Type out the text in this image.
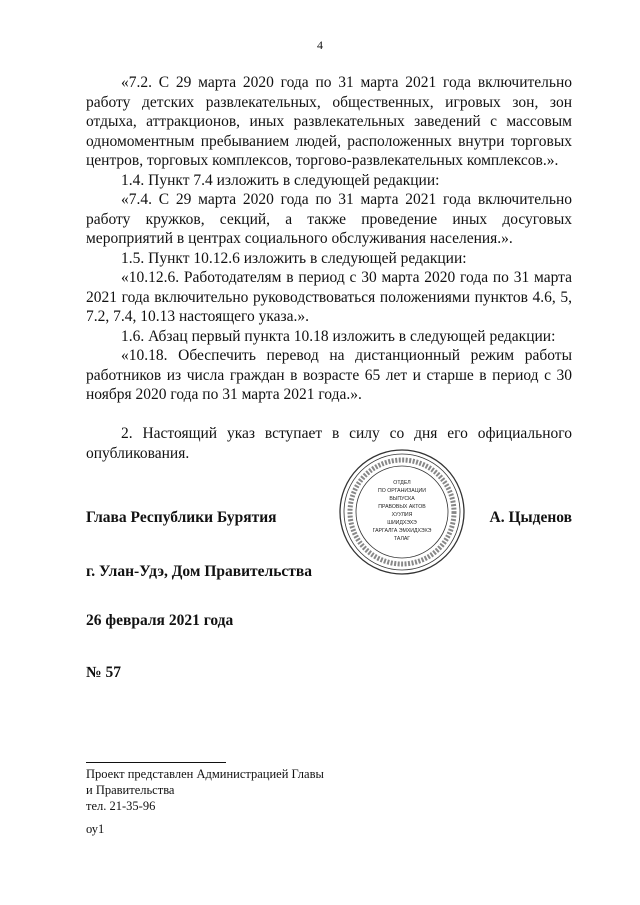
4

«7.2. С 29 марта 2020 года по 31 марта 2021 года включительно работу детских развлекательных, общественных, игровых зон, зон отдыха, аттракционов, иных развлекательных заведений с массовым одномоментным пребыванием людей, расположенных внутри торговых центров, торговых комплексов, торгово-развлекательных комплексов.».

1.4. Пункт 7.4 изложить в следующей редакции:

«7.4. С 29 марта 2020 года по 31 марта 2021 года включительно работу кружков, секций, а также проведение иных досуговых мероприятий в центрах социального обслуживания населения.».

1.5. Пункт 10.12.6 изложить в следующей редакции:

«10.12.6. Работодателям в период с 30 марта 2020 года по 31 марта 2021 года включительно руководствоваться положениями пунктов 4.6, 5, 7.2, 7.4, 10.13 настоящего указа.».

1.6. Абзац первый пункта 10.18 изложить в следующей редакции:

«10.18. Обеспечить перевод на дистанционный режим работы работников из числа граждан в возрасте 65 лет и старше в период с 30 ноября 2020 года по 31 марта 2021 года.».

2. Настоящий указ вступает в силу со дня его официального опубликования.

ОТДЕЛ
ПО ОРГАНИЗАЦИИ
ВЫПУСКА
ПРАВОВЫХ АКТОВ
ХУУЛИЯ
ШИИДХЭХЭ
ГАРГАЛГА ЭМХИДХЭХЭ
ТАЛАГ
Глава Республики Бурятия	А. Цыденов
г. Улан-Удэ, Дом Правительства
26 февраля 2021 года
№ 57
Проект представлен Администрацией Главы
и Правительства
тел. 21-35-96
оу1
